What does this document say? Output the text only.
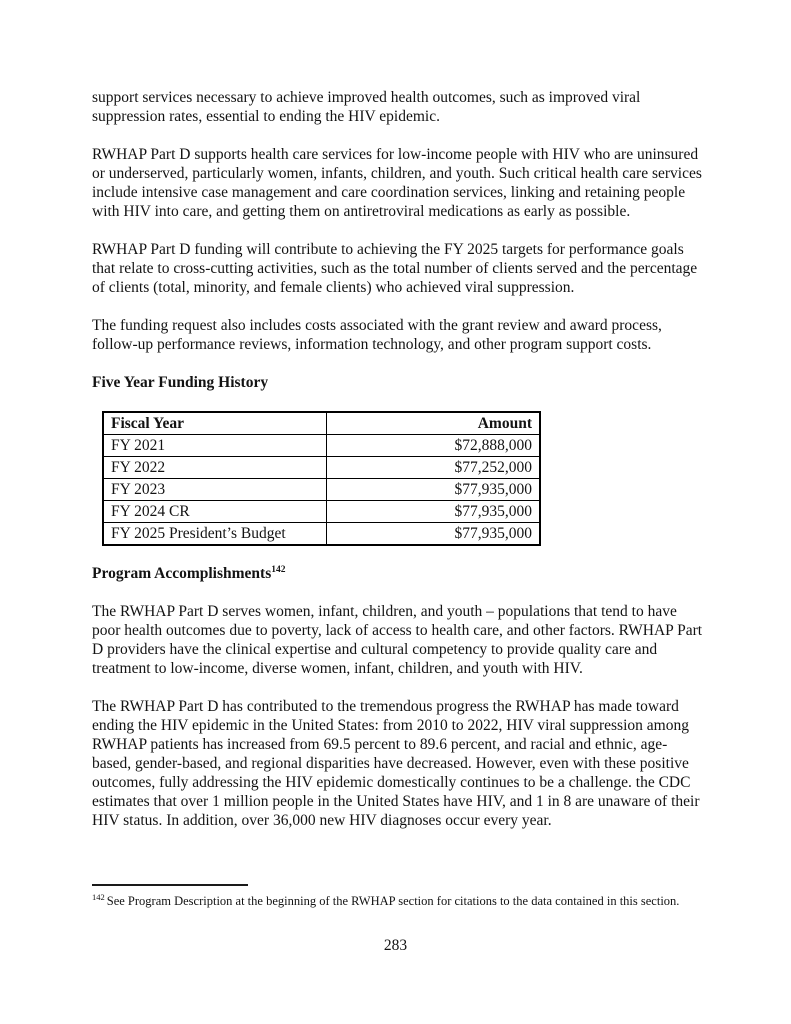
support services necessary to achieve improved health outcomes, such as improved viral suppression rates, essential to ending the HIV epidemic.

RWHAP Part D supports health care services for low-income people with HIV who are uninsured or underserved, particularly women, infants, children, and youth. Such critical health care services include intensive case management and care coordination services, linking and retaining people with HIV into care, and getting them on antiretroviral medications as early as possible.

RWHAP Part D funding will contribute to achieving the FY 2025 targets for performance goals that relate to cross-cutting activities, such as the total number of clients served and the percentage of clients (total, minority, and female clients) who achieved viral suppression.

The funding request also includes costs associated with the grant review and award process, follow-up performance reviews, information technology, and other program support costs.

Five Year Funding History
Fiscal Year	Amount
FY 2021	$72,888,000
FY 2022	$77,252,000
FY 2023	$77,935,000
FY 2024 CR	$77,935,000
FY 2025 President’s Budget	$77,935,000
Program Accomplishments$^{142}$

The RWHAP Part D serves women, infant, children, and youth – populations that tend to have poor health outcomes due to poverty, lack of access to health care, and other factors. RWHAP Part D providers have the clinical expertise and cultural competency to provide quality care and treatment to low-income, diverse women, infant, children, and youth with HIV.

The RWHAP Part D has contributed to the tremendous progress the RWHAP has made toward ending the HIV epidemic in the United States: from 2010 to 2022, HIV viral suppression among RWHAP patients has increased from 69.5 percent to 89.6 percent, and racial and ethnic, age-based, gender-based, and regional disparities have decreased. However, even with these positive outcomes, fully addressing the HIV epidemic domestically continues to be a challenge. the CDC estimates that over 1 million people in the United States have HIV, and 1 in 8 are unaware of their HIV status. In addition, over 36,000 new HIV diagnoses occur every year.

$^{142}$ See Program Description at the beginning of the RWHAP section for citations to the data contained in this section.
283
